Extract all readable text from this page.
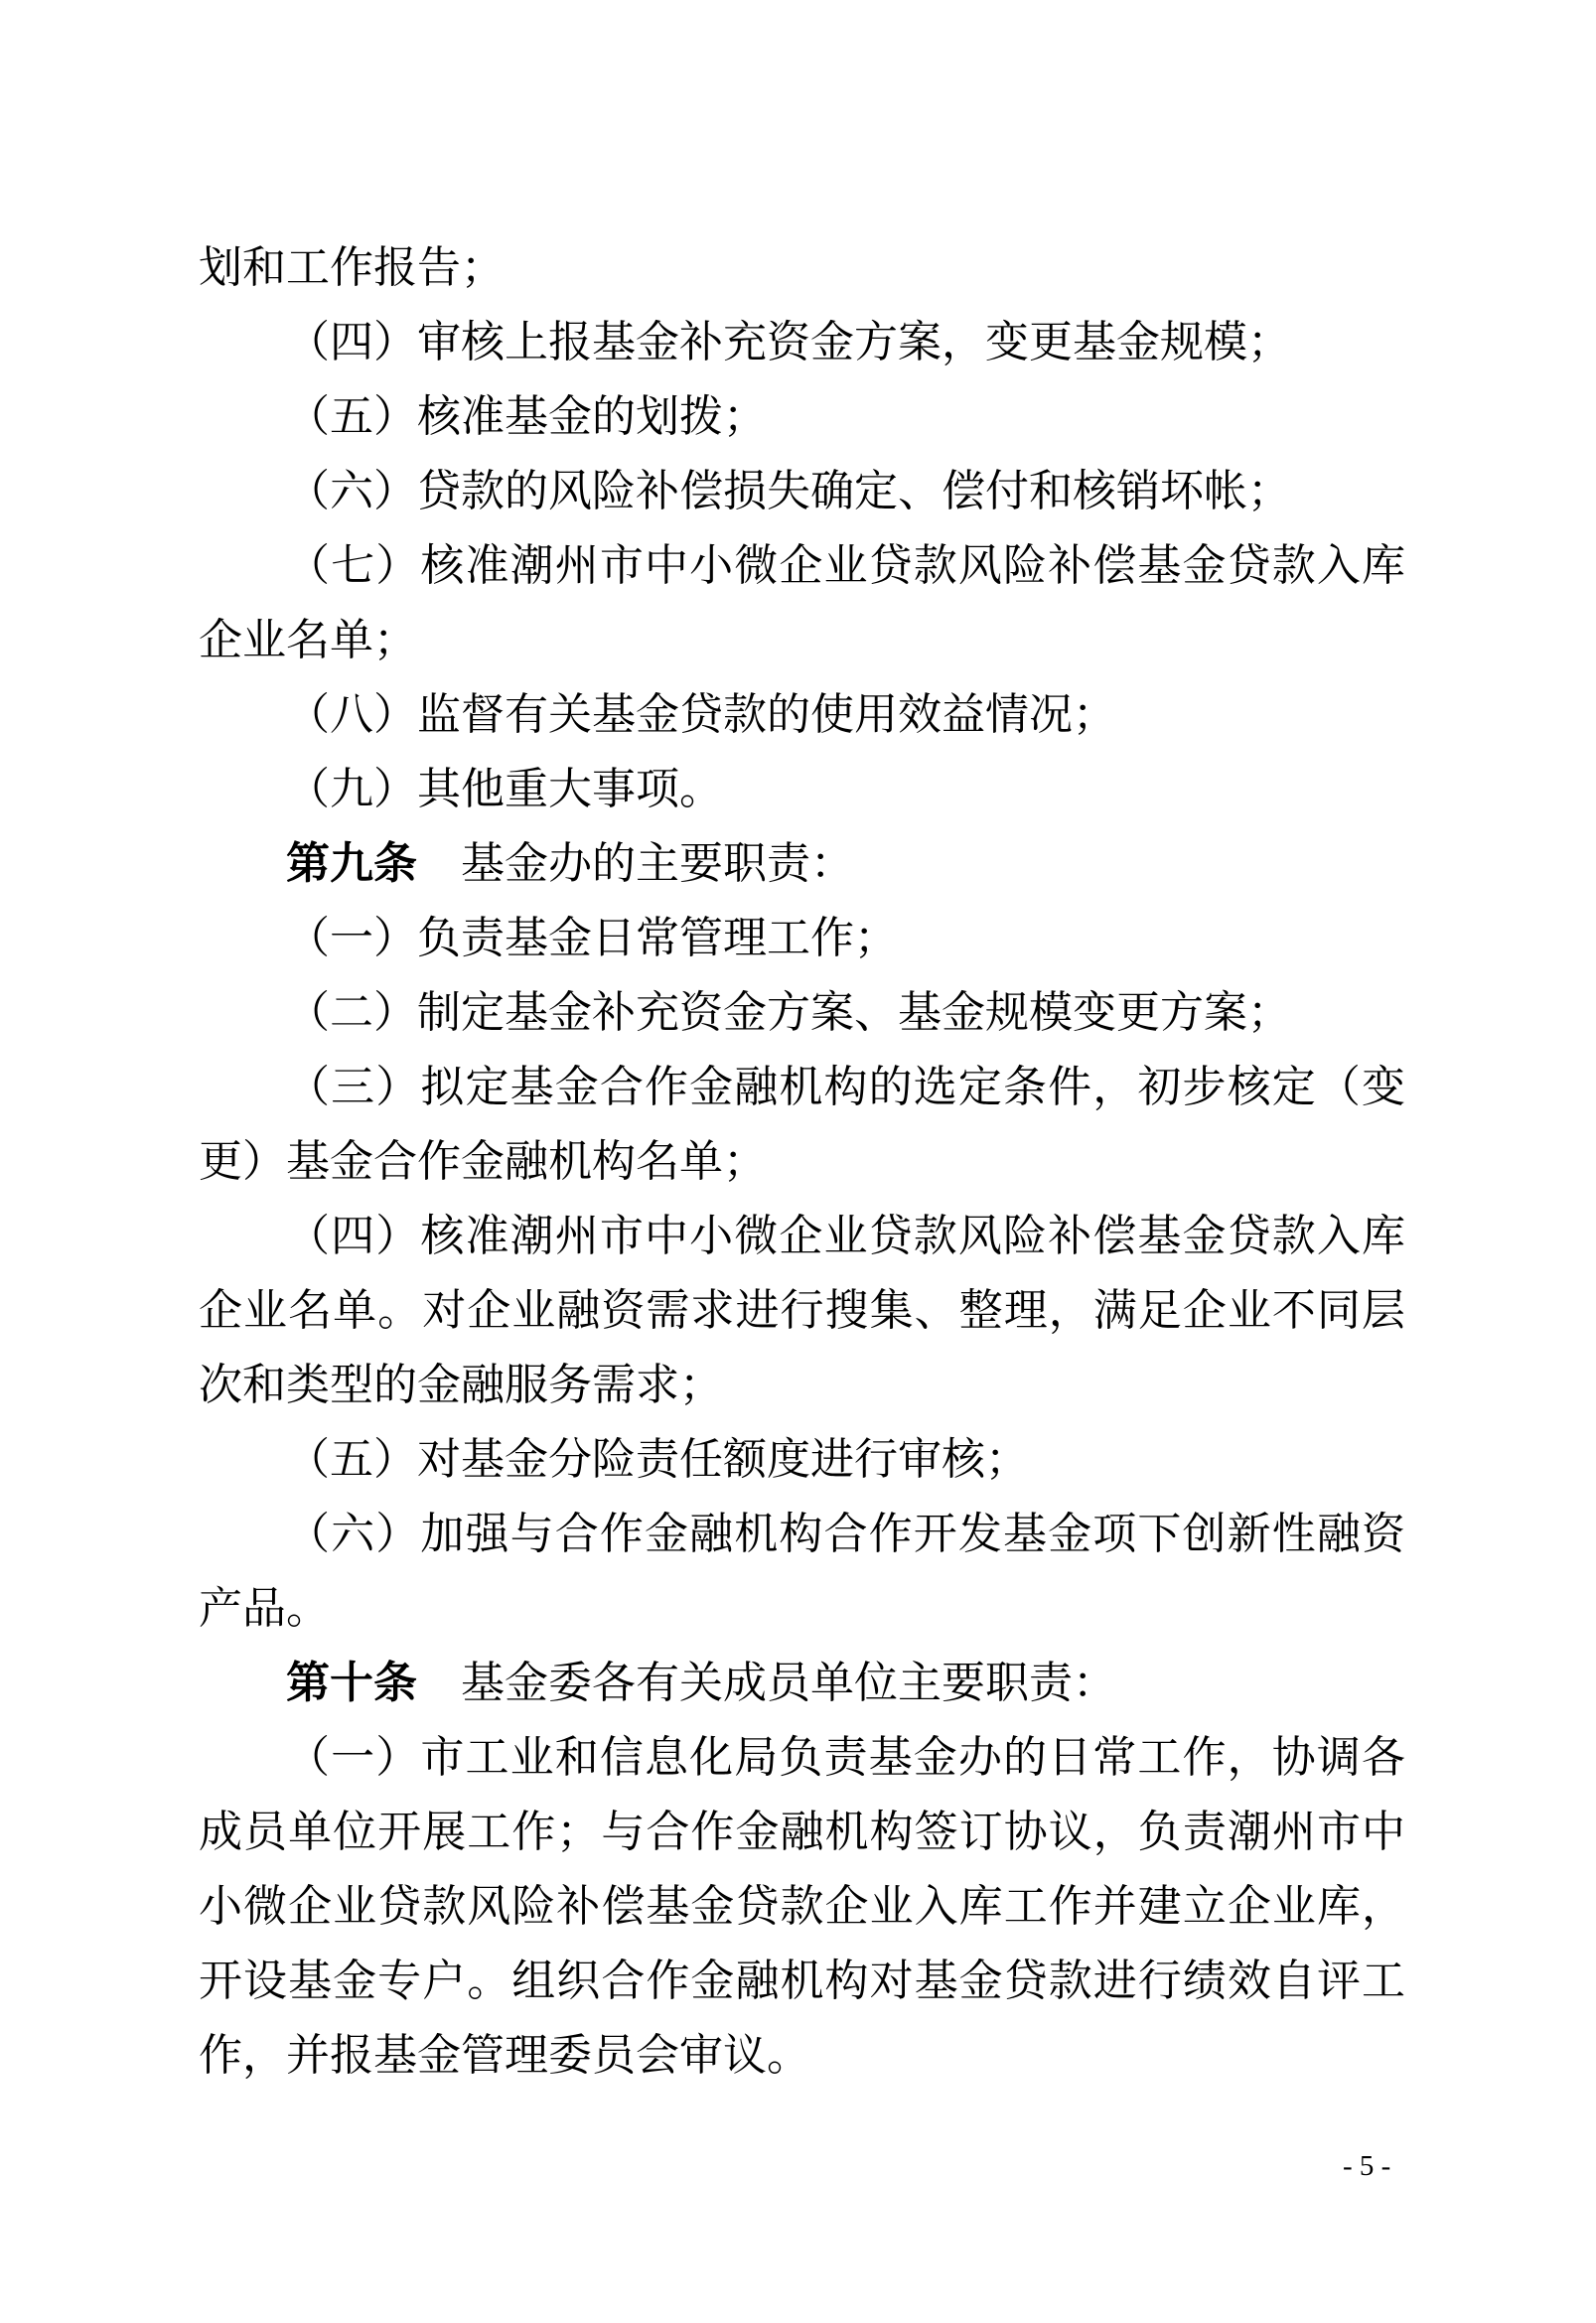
划和工作报告；
（四）审核上报基金补充资金方案，变更基金规模；
（五）核准基金的划拨；
（六）贷款的风险补偿损失确定、偿付和核销坏帐；
（七）核准潮州市中小微企业贷款风险补偿基金贷款入库
企业名单；
（八）监督有关基金贷款的使用效益情况；
（九）其他重大事项。
第九条　基金办的主要职责：
（一）负责基金日常管理工作；
（二）制定基金补充资金方案、基金规模变更方案；
（三）拟定基金合作金融机构的选定条件，初步核定（变
更）基金合作金融机构名单；
（四）核准潮州市中小微企业贷款风险补偿基金贷款入库
企业名单。对企业融资需求进行搜集、整理，满足企业不同层
次和类型的金融服务需求；
（五）对基金分险责任额度进行审核；
（六）加强与合作金融机构合作开发基金项下创新性融资
产品。
第十条　基金委各有关成员单位主要职责：
（一）市工业和信息化局负责基金办的日常工作，协调各
成员单位开展工作；与合作金融机构签订协议，负责潮州市中
小微企业贷款风险补偿基金贷款企业入库工作并建立企业库，
开设基金专户。组织合作金融机构对基金贷款进行绩效自评工
作，并报基金管理委员会审议。
- 5 -
